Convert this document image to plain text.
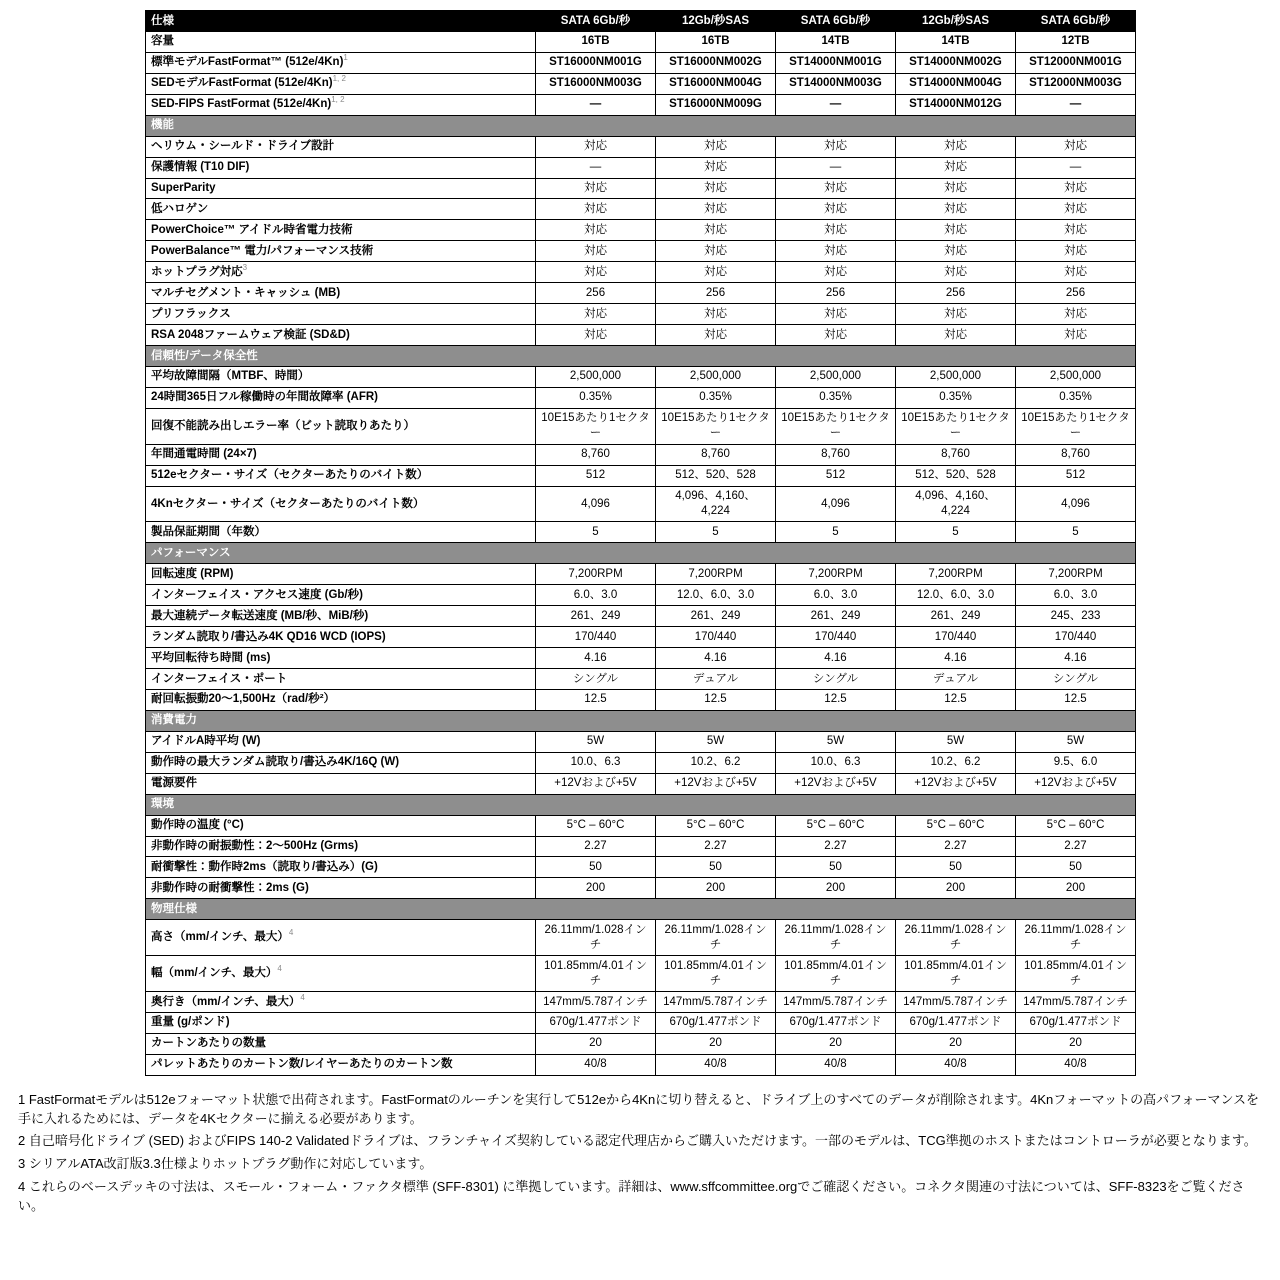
仕様	SATA 6Gb/秒	12Gb/秒SAS	SATA 6Gb/秒	12Gb/秒SAS	SATA 6Gb/秒
容量	16TB	16TB	14TB	14TB	12TB
標準モデルFastFormat™ (512e/4Kn)$^1$	ST16000NM001G	ST16000NM002G	ST14000NM001G	ST14000NM002G	ST12000NM001G
SEDモデルFastFormat (512e/4Kn)$^{1, 2}$	ST16000NM003G	ST16000NM004G	ST14000NM003G	ST14000NM004G	ST12000NM003G
SED-FIPS FastFormat (512e/4Kn)$^{1, 2}$	—	ST16000NM009G	—	ST14000NM012G	—
機能					
ヘリウム・シールド・ドライブ設計	対応	対応	対応	対応	対応
保護情報 (T10 DIF)	—	対応	—	対応	—
SuperParity	対応	対応	対応	対応	対応
低ハロゲン	対応	対応	対応	対応	対応
PowerChoice™ アイドル時省電力技術	対応	対応	対応	対応	対応
PowerBalance™ 電力/パフォーマンス技術	対応	対応	対応	対応	対応
ホットプラグ対応$^3$	対応	対応	対応	対応	対応
マルチセグメント・キャッシュ (MB)	256	256	256	256	256
プリフラックス	対応	対応	対応	対応	対応
RSA 2048ファームウェア検証 (SD&D)	対応	対応	対応	対応	対応
信頼性/データ保全性					
平均故障間隔（MTBF、時間）	2,500,000	2,500,000	2,500,000	2,500,000	2,500,000
24時間365日フル稼働時の年間故障率 (AFR)	0.35%	0.35%	0.35%	0.35%	0.35%
回復不能読み出しエラー率（ビット読取りあたり）	10E15あたり1セクター	10E15あたり1セクター	10E15あたり1セクター	10E15あたり1セクター	10E15あたり1セクター
年間通電時間 (24×7)	8,760	8,760	8,760	8,760	8,760
512eセクター・サイズ（セクターあたりのバイト数）	512	512、520、528	512	512、520、528	512
4Knセクター・サイズ（セクターあたりのバイト数）	4,096	4,096、4,160、4,224	4,096	4,096、4,160、4,224	4,096
製品保証期間（年数）	5	5	5	5	5
パフォーマンス					
回転速度 (RPM)	7,200RPM	7,200RPM	7,200RPM	7,200RPM	7,200RPM
インターフェイス・アクセス速度 (Gb/秒)	6.0、3.0	12.0、6.0、3.0	6.0、3.0	12.0、6.0、3.0	6.0、3.0
最大連続データ転送速度 (MB/秒、MiB/秒)	261、249	261、249	261、249	261、249	245、233
ランダム読取り/書込み4K QD16 WCD (IOPS)	170/440	170/440	170/440	170/440	170/440
平均回転待ち時間 (ms)	4.16	4.16	4.16	4.16	4.16
インターフェイス・ポート	シングル	デュアル	シングル	デュアル	シングル
耐回転振動20〜1,500Hz（rad/秒²）	12.5	12.5	12.5	12.5	12.5
消費電力					
アイドルA時平均 (W)	5W	5W	5W	5W	5W
動作時の最大ランダム読取り/書込み4K/16Q (W)	10.0、6.3	10.2、6.2	10.0、6.3	10.2、6.2	9.5、6.0
電源要件	+12Vおよび+5V	+12Vおよび+5V	+12Vおよび+5V	+12Vおよび+5V	+12Vおよび+5V
環境					
動作時の温度 (°C)	5°C – 60°C	5°C – 60°C	5°C – 60°C	5°C – 60°C	5°C – 60°C
非動作時の耐振動性：2〜500Hz (Grms)	2.27	2.27	2.27	2.27	2.27
耐衝撃性：動作時2ms（読取り/書込み）(G)	50	50	50	50	50
非動作時の耐衝撃性：2ms (G)	200	200	200	200	200
物理仕様					
高さ（mm/インチ、最大）$^4$	26.11mm/1.028インチ	26.11mm/1.028インチ	26.11mm/1.028インチ	26.11mm/1.028インチ	26.11mm/1.028インチ
幅（mm/インチ、最大）$^4$	101.85mm/4.01インチ	101.85mm/4.01インチ	101.85mm/4.01インチ	101.85mm/4.01インチ	101.85mm/4.01インチ
奥行き（mm/インチ、最大）$^4$	147mm/5.787インチ	147mm/5.787インチ	147mm/5.787インチ	147mm/5.787インチ	147mm/5.787インチ
重量 (g/ポンド)	670g/1.477ポンド	670g/1.477ポンド	670g/1.477ポンド	670g/1.477ポンド	670g/1.477ポンド
カートンあたりの数量	20	20	20	20	20
パレットあたりのカートン数/レイヤーあたりのカートン数	40/8	40/8	40/8	40/8	40/8

1 FastFormatモデルは512eフォーマット状態で出荷されます。FastFormatのルーチンを実行して512eから4Knに切り替えると、ドライブ上のすべてのデータが削除されます。4Knフォーマットの高パフォーマンスを手に入れるためには、データを4Kセクターに揃える必要があります。

2 自己暗号化ドライブ (SED) およびFIPS 140-2 Validatedドライブは、フランチャイズ契約している認定代理店からご購入いただけます。一部のモデルは、TCG準拠のホストまたはコントローラが必要となります。

3 シリアルATA改訂版3.3仕様よりホットプラグ動作に対応しています。

4 これらのベースデッキの寸法は、スモール・フォーム・ファクタ標準 (SFF-8301) に準拠しています。詳細は、www.sffcommittee.orgでご確認ください。コネクタ関連の寸法については、SFF-8323をご覧ください。
